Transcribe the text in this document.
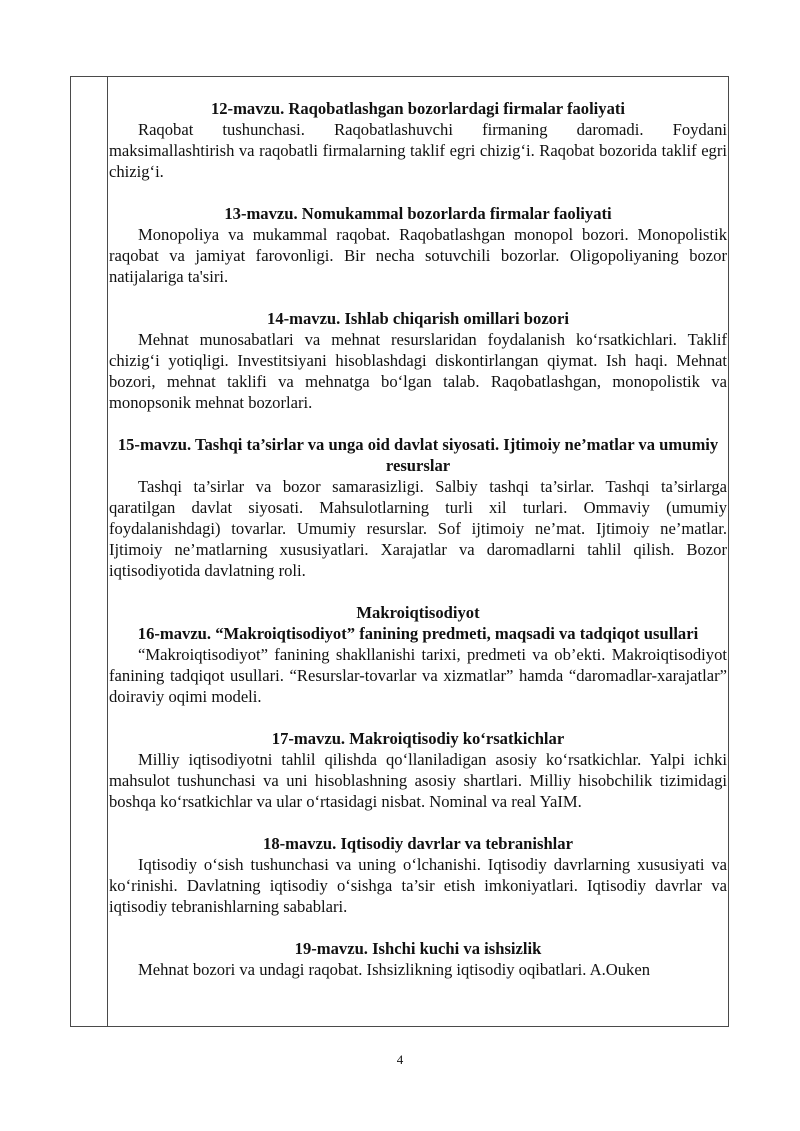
12-mavzu. Raqobatlashgan bozorlardagi firmalar faoliyati

Raqobat tushunchasi. Raqobatlashuvchi firmaning daromadi. Foydani maksimallashtirish va raqobatli firmalarning taklif egri chizig‘i. Raqobat bozorida taklif egri chizig‘i.

13-mavzu. Nomukammal bozorlarda firmalar faoliyati

Monopoliya va mukammal raqobat. Raqobatlashgan monopol bozori. Monopolistik raqobat va jamiyat farovonligi. Bir necha sotuvchili bozorlar. Oligopoliyaning bozor natijalariga ta'siri.

14-mavzu. Ishlab chiqarish omillari bozori

Mehnat munosabatlari va mehnat resurslaridan foydalanish ko‘rsatkichlari. Taklif chizig‘i yotiqligi. Investitsiyani hisoblashdagi diskontirlangan qiymat. Ish haqi. Mehnat bozori, mehnat taklifi va mehnatga bo‘lgan talab. Raqobatlashgan, monopolistik va monopsonik mehnat bozorlari.

15-mavzu. Tashqi ta’sirlar va unga oid davlat siyosati. Ijtimoiy ne’matlar va umumiy resurslar

Tashqi ta’sirlar va bozor samarasizligi. Salbiy tashqi ta’sirlar. Tashqi ta’sirlarga qaratilgan davlat siyosati. Mahsulotlarning turli xil turlari. Ommaviy (umumiy foydalanishdagi) tovarlar. Umumiy resurslar. Sof ijtimoiy ne’mat. Ijtimoiy ne’matlar. Ijtimoiy ne’matlarning xususiyatlari. Xarajatlar va daromadlarni tahlil qilish. Bozor iqtisodiyotida davlatning roli.

Makroiqtisodiyot
16-mavzu. “Makroiqtisodiyot” fanining predmeti, maqsadi va tadqiqot usullari

“Makroiqtisodiyot” fanining shakllanishi tarixi, predmeti va ob’ekti. Makroiqtisodiyot fanining tadqiqot usullari. “Resurslar-tovarlar va xizmatlar” hamda “daromadlar-xarajatlar” doiraviy oqimi modeli.

17-mavzu. Makroiqtisodiy ko‘rsatkichlar

Milliy iqtisodiyotni tahlil qilishda qo‘llaniladigan asosiy ko‘rsatkichlar. Yalpi ichki mahsulot tushunchasi va uni hisoblashning asosiy shartlari. Milliy hisobchilik tizimidagi boshqa ko‘rsatkichlar va ular o‘rtasidagi nisbat. Nominal va real YaIM.

18-mavzu. Iqtisodiy davrlar va tebranishlar

Iqtisodiy o‘sish tushunchasi va uning o‘lchanishi. Iqtisodiy davrlarning xususiyati va ko‘rinishi. Davlatning iqtisodiy o‘sishga ta’sir etish imkoniyatlari. Iqtisodiy davrlar va iqtisodiy tebranishlarning sabablari.

19-mavzu. Ishchi kuchi va ishsizlik

Mehnat bozori va undagi raqobat. Ishsizlikning iqtisodiy oqibatlari. A.Ouken

4
